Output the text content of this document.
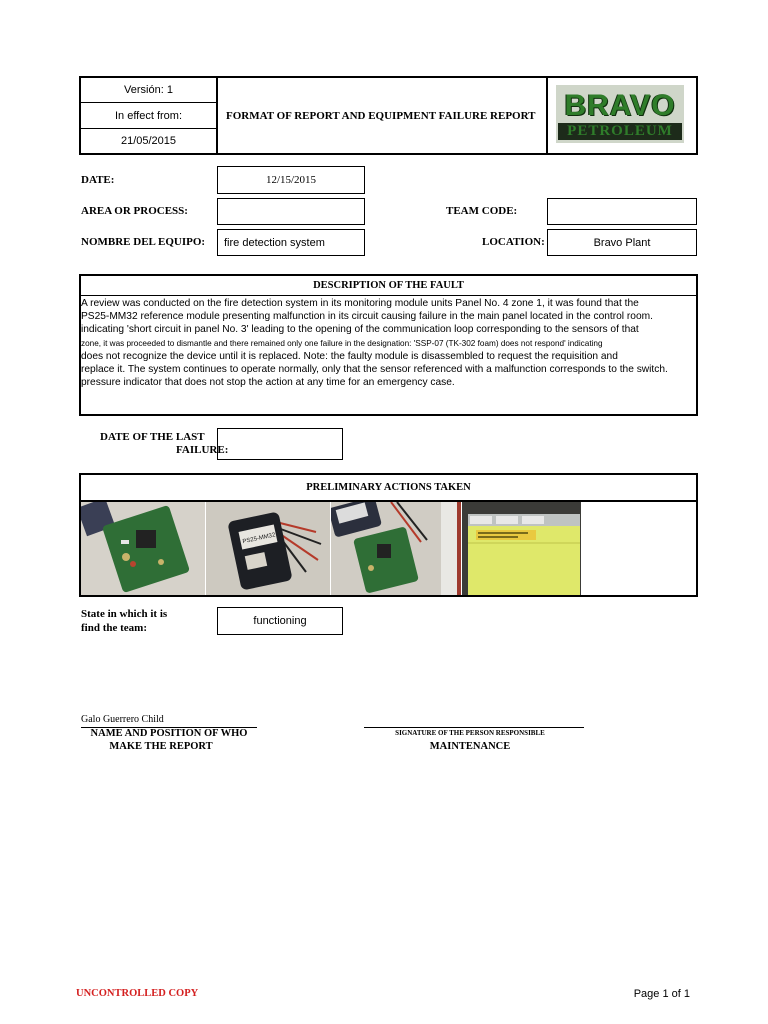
Versión: 1
In effect from:
21/05/2015
FORMAT OF REPORT AND EQUIPMENT FAILURE REPORT BRAVO
PETROLEUM
DATE:	12/15/2015
AREA OR PROCESS:	TEAM CODE:
NOMBRE DEL EQUIPO:	fire detection system	LOCATION:	Bravo Plant
DESCRIPTION OF THE FAULT
A review was conducted on the fire detection system in its monitoring module units Panel No. 4 zone 1, it was found that the
PS25-MM32 reference module presenting malfunction in its circuit causing failure in the main panel located in the control room.
indicating 'short circuit in panel No. 3' leading to the opening of the communication loop corresponding to the sensors of that
zone, it was proceeded to dismantle and there remained only one failure in the designation: 'SSP-07 (TK-302 foam) does not respond' indicating
does not recognize the device until it is replaced. Note: the faulty module is disassembled to request the requisition and
replace it. The system continues to operate normally, only that the sensor referenced with a malfunction corresponds to the switch.
pressure indicator that does not stop the action at any time for an emergency case.
DATE OF THE LAST
FAILURE:
PRELIMINARY ACTIONS TAKEN
PS25-MM32
State in which it is
find the team:
functioning
Galo Guerrero Child
NAME AND POSITION OF WHO
MAKE THE REPORT
SIGNATURE OF THE PERSON RESPONSIBLE
MAINTENANCE
UNCONTROLLED COPY	Page 1 of 1
